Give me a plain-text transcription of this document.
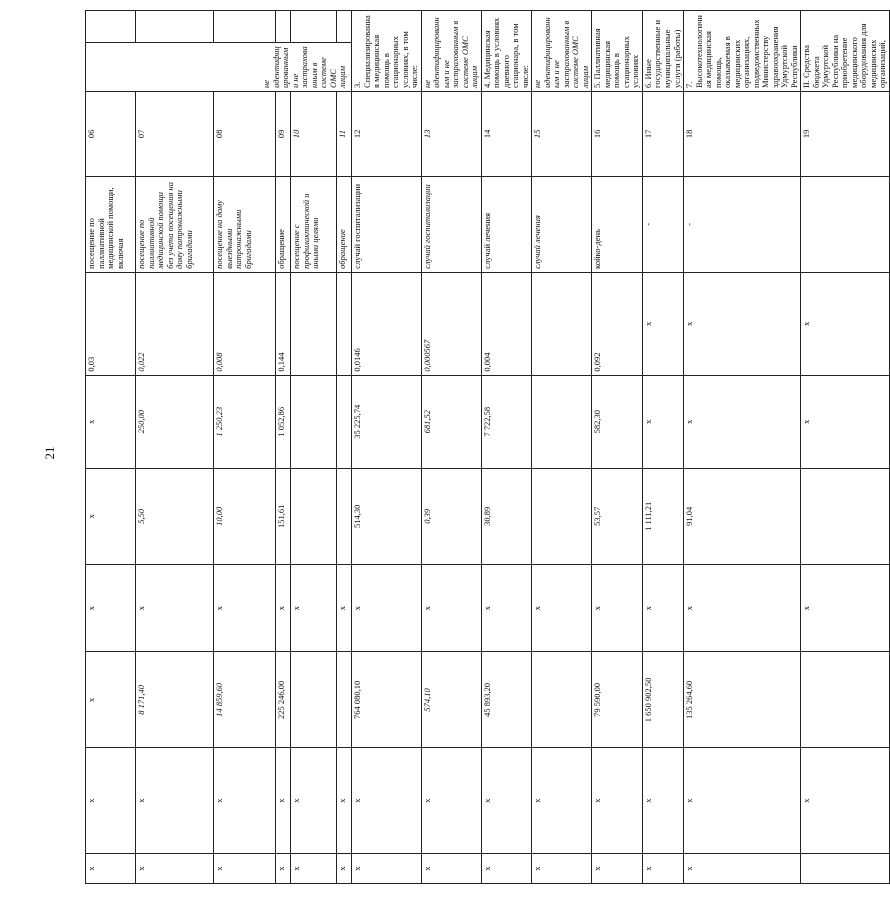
21
х	х	х	х	х	х	0,03	посещение по паллиативной медицинской помощи, включая	06	не идентифицированным и не застрахованным в системе ОМС лицам	
х	х	8 171,40	х	5,50	250,00	0,022	посещение по паллиативной медицинской помощи без учета посещения на дому патронажными бригадами	07		
х	х	14 859,60	х	10,00	1 250,23	0,008	посещение на дому выездными патронажными бригадами	08		
х	х	225 246,00	х	151,61	1 052,86	0,144	обращение	09		
х	х		х				посещение с профилактической и иными целями	10		
х	х		х				обращение	11		
х	х	764 080,10	х	514,30	35 225,74	0,0146	случай госпитализации	12	3. Специализированная медицинская помощь в стационарных условиях, в том числе:	
х	х	574,10	х	0,39	681,52	0,000567	случай госпитализации	13	не идентифицированным и не застрахованным в системе ОМС лицам	
х	х	45 893,20	х	30,89	7 722,58	0,004	случай лечения	14	4. Медицинская помощь в условиях дневного стационара, в том числе:	
х	х		х				случай лечения	15	не идентифицированным и не застрахованным в системе ОМС лицам	
х	х	79 590,00	х	53,57	582,30	0,092	койко-день	16	5. Паллиативная медицинская помощь в стационарных условиях	
х	х	1 650 902,50	х	1 111,21	х	х	-	17	6. Иные государственные и муниципальные услуги (работы)	
х	х	135 264,60	х	91,04	х	х	-	18	7. Высокотехнологичная медицинская помощь, оказываемая в медицинских организациях, подведомственных Министерству здравоохранения Удмуртской Республики	
	х		х		х	х		19	II. Средства бюджета Удмуртской Республики на приобретение медицинского оборудования для медицинских организаций,	
